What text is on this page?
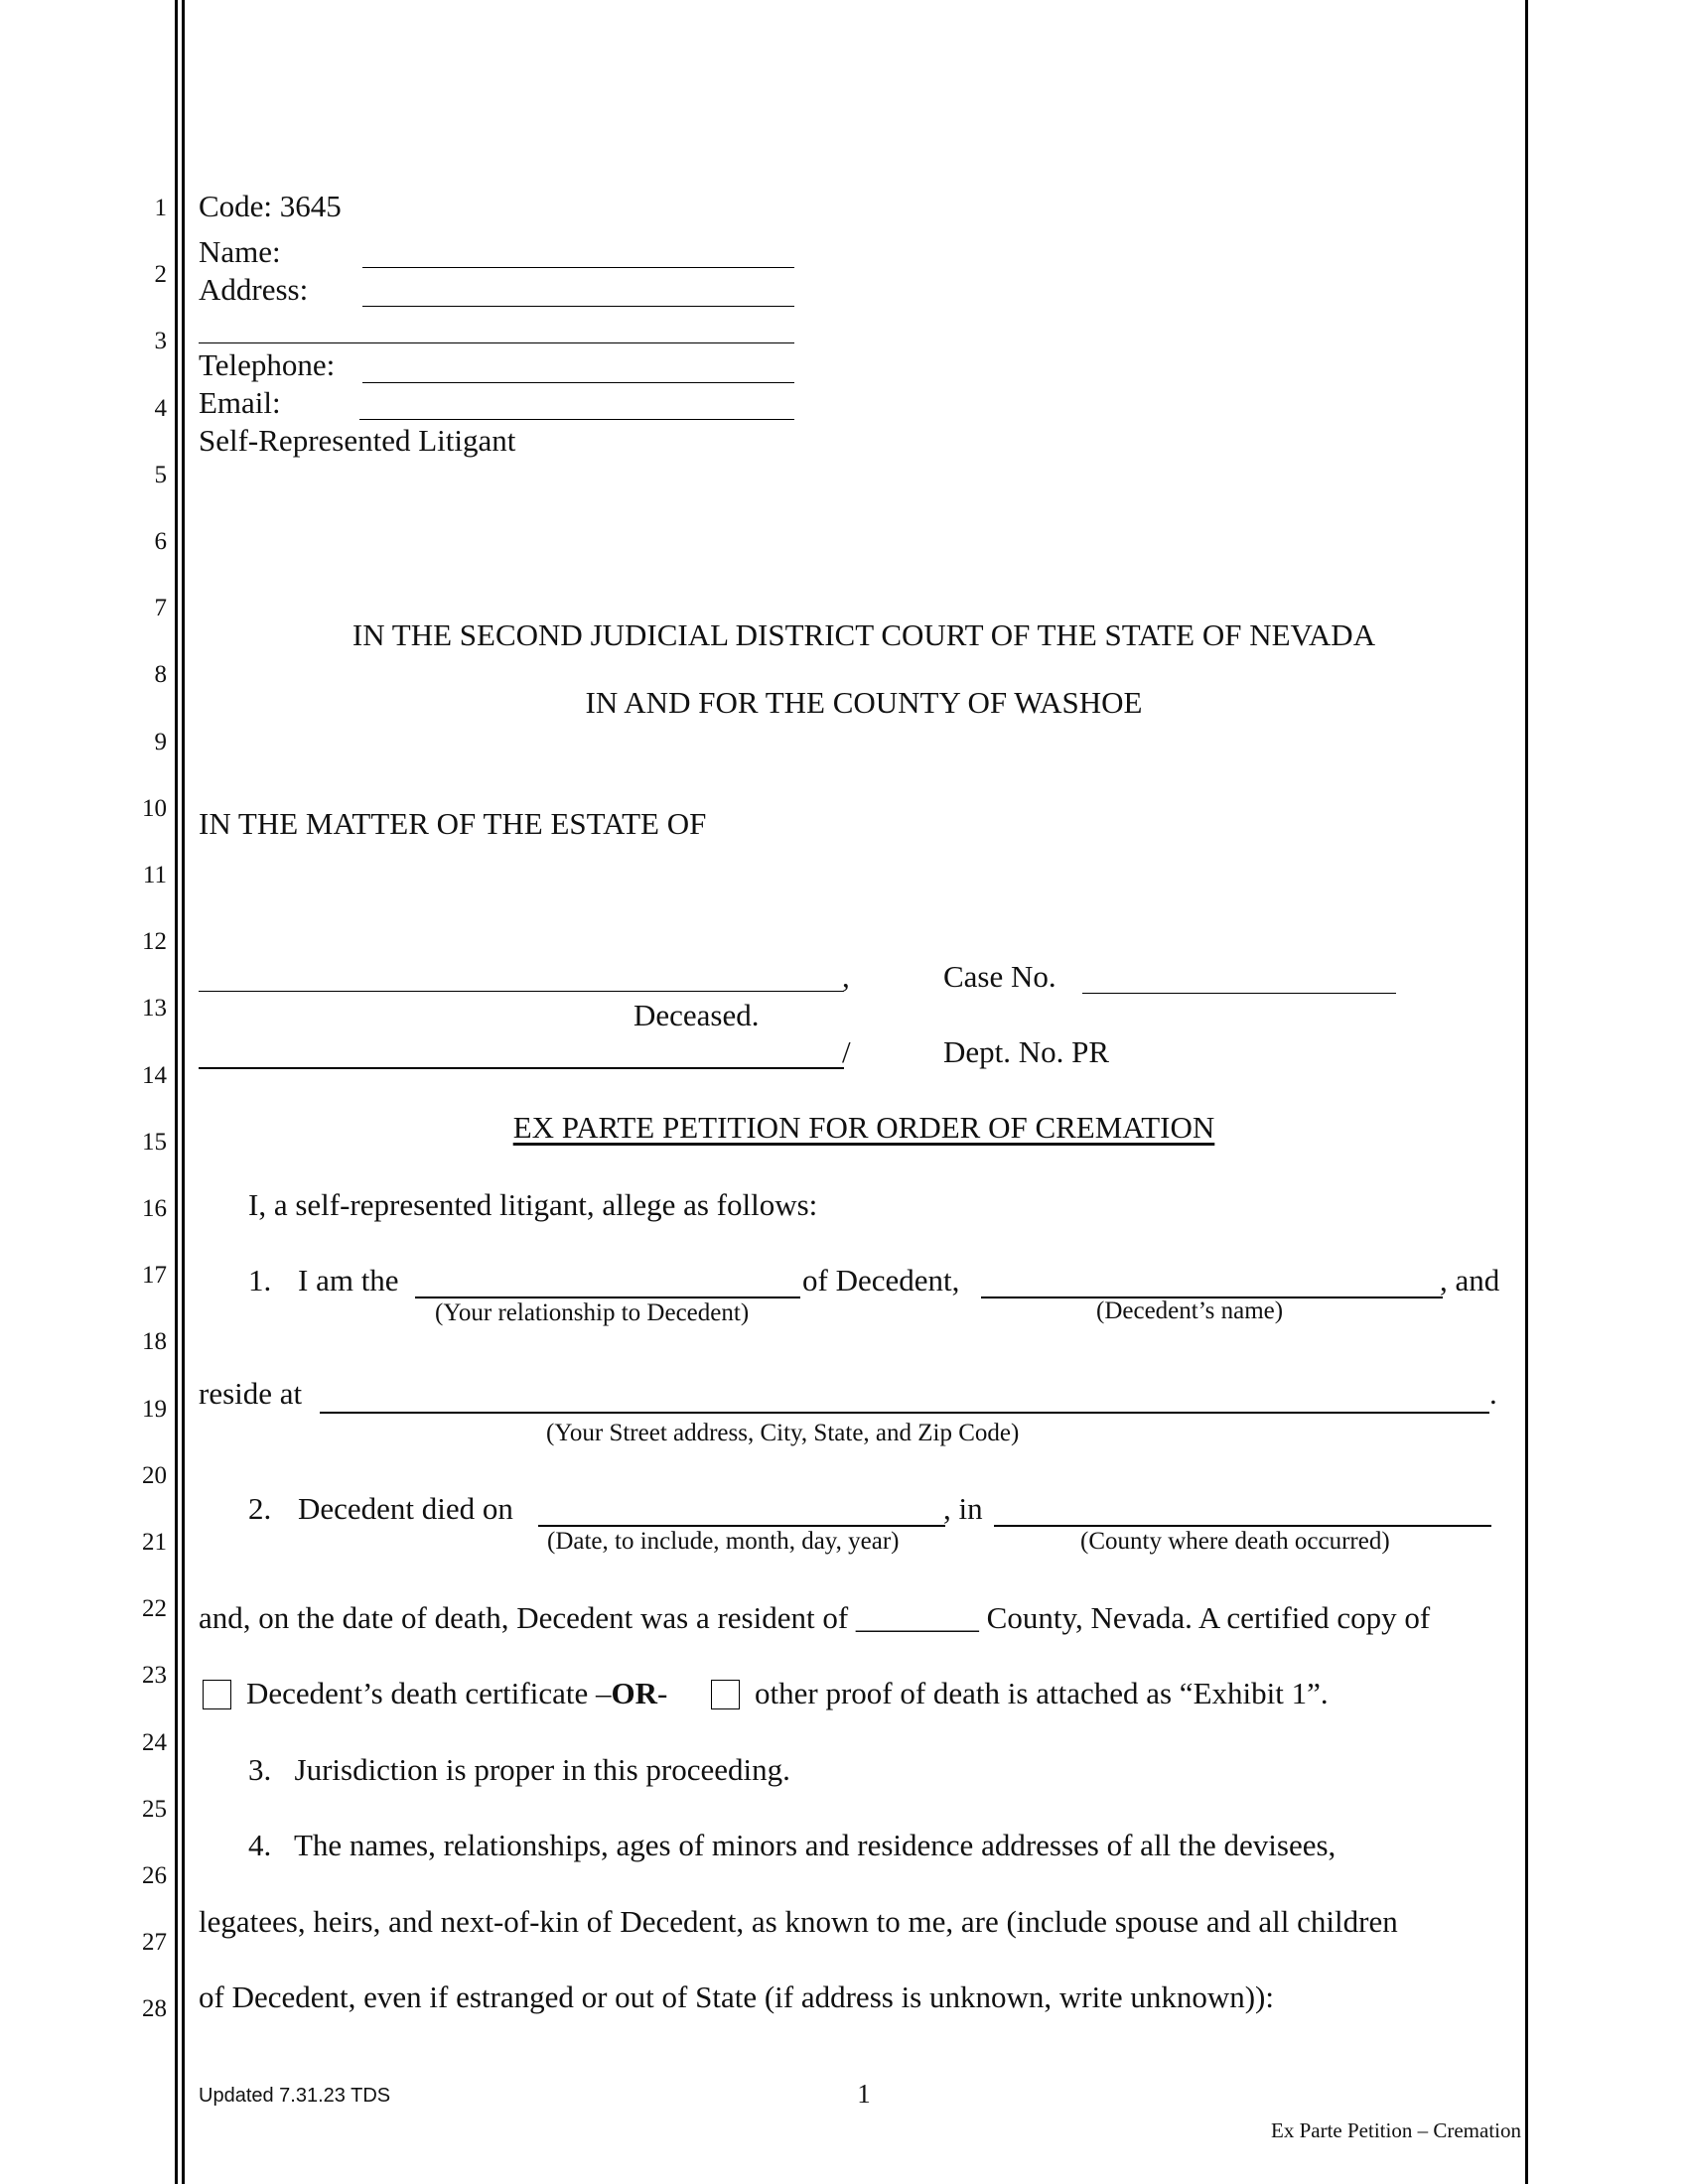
1
2
3
4
5
6
7
8
9
10
11
12
13
14
15
16
17
18
19
20
21
22
23
24
25
26
27
28
Code: 3645
Name:
Address:
Telephone:
Email:
Self-Represented Litigant
IN THE SECOND JUDICIAL DISTRICT COURT OF THE STATE OF NEVADA
IN AND FOR THE COUNTY OF WASHOE
IN THE MATTER OF THE ESTATE OF
,
Deceased.
/
Case No.
Dept. No. PR
EX PARTE PETITION FOR ORDER OF CREMATION
I, a self-represented litigant, allege as follows:
1. I am the	of Decedent,	, and
(Your relationship to Decedent)	(Decedent’s name)
reside at	.
(Your Street address, City, State, and Zip Code)
2. Decedent died on	, in
(Date, to include, month, day, year)	(County where death occurred)
and, on the date of death, Decedent was a resident of ________ County, Nevada. A certified copy of
Decedent’s death certificate –OR-	other proof of death is attached as “Exhibit 1”.
3.   Jurisdiction is proper in this proceeding.
4.   The names, relationships, ages of minors and residence addresses of all the devisees,
legatees, heirs, and next-of-kin of Decedent, as known to me, are (include spouse and all children
of Decedent, even if estranged or out of State (if address is unknown, write unknown)):
Updated 7.31.23 TDS	1
Ex Parte Petition – Cremation
